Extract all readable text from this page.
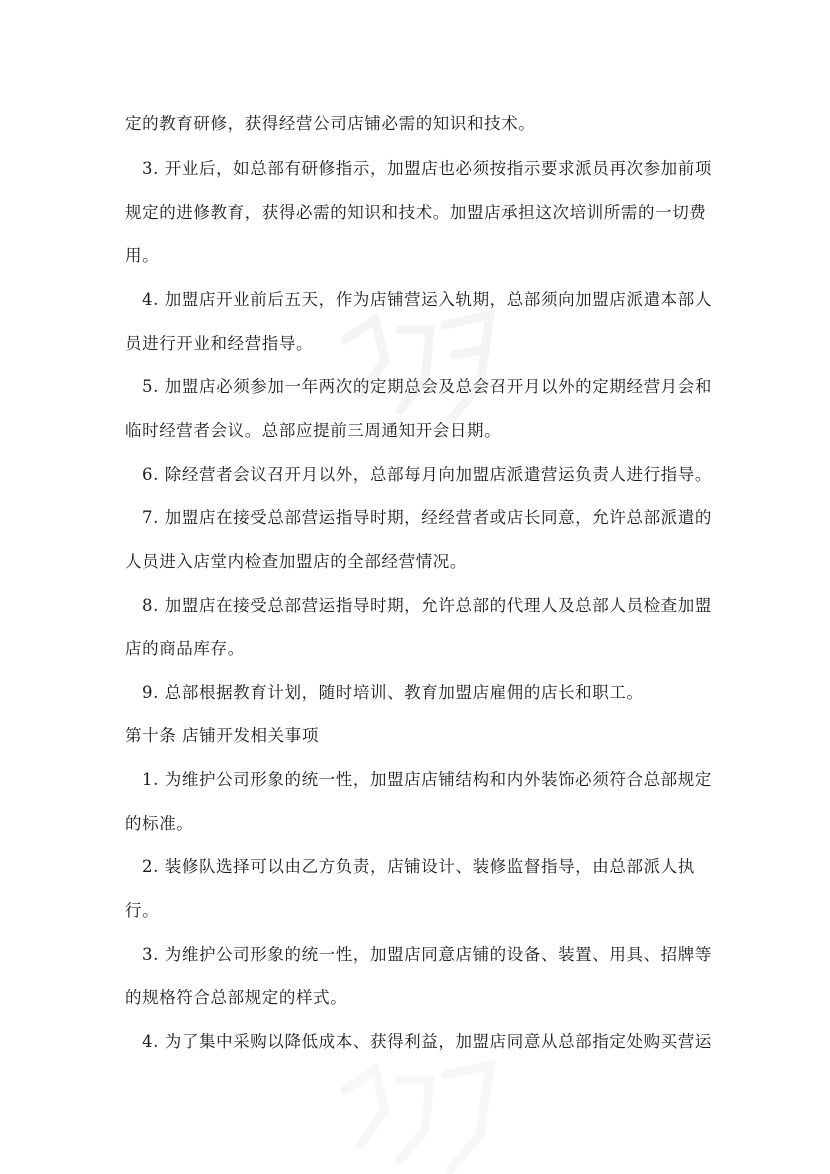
定的教育研修，获得经营公司店铺必需的知识和技术。
3. 开业后，如总部有研修指示，加盟店也必须按指示要求派员再次参加前项
规定的进修教育，获得必需的知识和技术。加盟店承担这次培训所需的一切费
用。
4. 加盟店开业前后五天，作为店铺营运入轨期，总部须向加盟店派遣本部人
员进行开业和经营指导。
5. 加盟店必须参加一年两次的定期总会及总会召开月以外的定期经营月会和
临时经营者会议。总部应提前三周通知开会日期。
6. 除经营者会议召开月以外，总部每月向加盟店派遣营运负责人进行指导。
7. 加盟店在接受总部营运指导时期，经经营者或店长同意，允许总部派遣的
人员进入店堂内检查加盟店的全部经营情况。
8. 加盟店在接受总部营运指导时期，允许总部的代理人及总部人员检查加盟
店的商品库存。
9. 总部根据教育计划，随时培训、教育加盟店雇佣的店长和职工。
第十条 店铺开发相关事项
1. 为维护公司形象的统一性，加盟店店铺结构和内外装饰必须符合总部规定
的标准。
2. 装修队选择可以由乙方负责，店铺设计、装修监督指导，由总部派人执
行。
3. 为维护公司形象的统一性，加盟店同意店铺的设备、装置、用具、招牌等
的规格符合总部规定的样式。
4. 为了集中采购以降低成本、获得利益，加盟店同意从总部指定处购买营运
